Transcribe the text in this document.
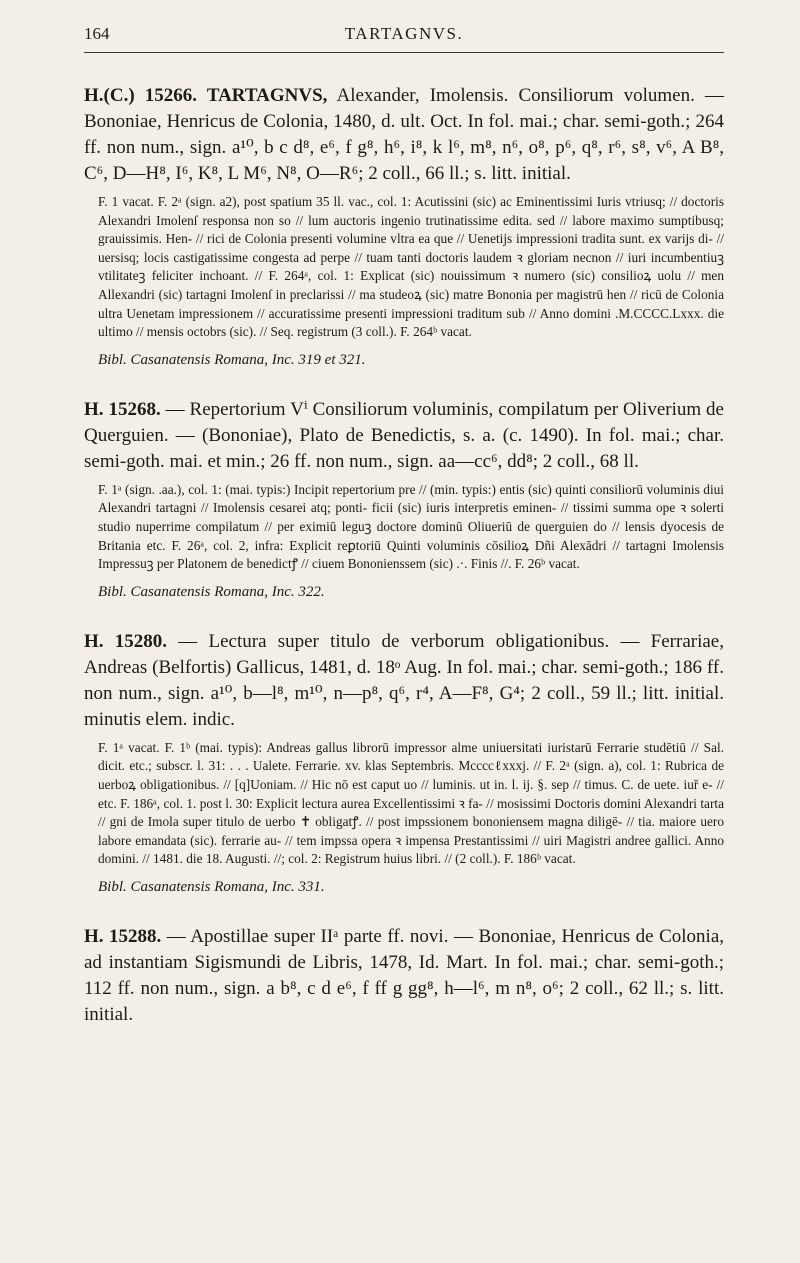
164	TARTAGNVS.

H.(C.) 15266. TARTAGNVS, Alexander, Imolensis. Consiliorum volumen. — Bononiae, Henricus de Colonia, 1480, d. ult. Oct. In fol. mai.; char. semi-goth.; 264 ff. non num., sign. a¹⁰, b c d⁸, e⁶, f g⁸, h⁶, i⁸, k l⁶, m⁸, n⁶, o⁸, p⁶, q⁸, r⁶, s⁸, v⁶, A B⁸, C⁶, D—H⁸, I⁶, K⁸, L M⁶, N⁸, O—R⁶; 2 coll., 66 ll.; s. litt. initial.

F. 1 vacat. F. 2ᵃ (sign. a2), post spatium 35 ll. vac., col. 1: Acutissini (sic) ac Eminentissimi Iuris vtriusq; // doctoris Alexandri Imolenſ responsa non so // lum auctoris ingenio trutinatissime edita. sed // labore maximo sumptibusq; grauissimis. Hen- // rici de Colonia presenti volumine vltra ea que // Uenetijs impressioni tradita sunt. ex varijs di- // uersisq; locis castigatissime congesta ad perpe // tuam tanti doctoris laudem ꝛ gloriam necnon // iuri incumbentiuꝫ vtilitateꝫ feliciter inchoant. // F. 264ᵃ, col. 1: Explicat (sic) nouissimum ꝛ numero (sic) consilioꝝ uolu // men Allexandri (sic) tartagni Imolenſ in preclarissi // ma studeoꝝ (sic) matre Bononia per magistrū hen // ricū de Colonia ultra Uenetam impressionem // accuratissime presenti impressioni traditum sub // Anno domini .M.CCCC.Lxxx. die ultimo // mensis octobrs (sic). // Seq. registrum (3 coll.). F. 264ᵇ vacat.

Bibl. Casanatensis Romana, Inc. 319 et 321.

H. 15268. — Repertorium Vⁱ Consiliorum voluminis, compilatum per Oliverium de Querguien. — (Bononiae), Plato de Benedictis, s. a. (c. 1490). In fol. mai.; char. semi-goth. mai. et min.; 26 ff. non num., sign. aa—cc⁶, dd⁸; 2 coll., 68 ll.

F. 1ᵃ (sign. .aa.), col. 1: (mai. typis:) Incipit repertorium pre // (min. typis:) entis (sic) quinti consiliorū voluminis diui Alexandri tartagni // Imolensis cesarei atq; ponti- ficii (sic) iuris interpretis eminen- // tissimi summa ope ꝛ solerti studio nuperrime compilatum // per eximiū leguꝫ doctore dominū Oliueriū de querguien do // lensis dyocesis de Britania etc. F. 26ᵃ, col. 2, infra: Explicit reꝑtoriū Quinti voluminis cōsilioꝝ Dñi Alexādri // tartagni Imolensis Impressuꝫ per Platonem de benedictꝭ // ciuem Bononienssem (sic) .·. Finis //. F. 26ᵇ vacat.

Bibl. Casanatensis Romana, Inc. 322.

H. 15280. — Lectura super titulo de verborum obligationibus. — Ferrariae, Andreas (Belfortis) Gallicus, 1481, d. 18ᵒ Aug. In fol. mai.; char. semi-goth.; 186 ff. non num., sign. a¹⁰, b—l⁸, m¹⁰, n—p⁸, q⁶, r⁴, A—F⁸, G⁴; 2 coll., 59 ll.; litt. initial. minutis elem. indic.

F. 1ᵃ vacat. F. 1ᵇ (mai. typis): Andreas gallus librorū impressor alme uniuersitati iuristarū Ferrarie studētiū // Sal. dicit. etc.; subscr. l. 31: . . . Ualete. Ferrarie. xv. klas Septembris. Mccccℓxxxj. // F. 2ᵃ (sign. a), col. 1: Rubrica de uerboꝝ obligationibus. // [q]Uoniam. // Hic nō est caput uo // luminis. ut in. l. ij. §. sep // timus. C. de uete. iuř e- // etc. F. 186ᵃ, col. 1. post l. 30: Explicit lectura aurea Excellentissimi ꝛ fa- // mosissimi Doctoris domini Alexandri tarta // gni de Imola super titulo de uerbo ✝ obligatꝭ. // post impssionem bononiensem magna diligē- // tia. maiore uero labore emandata (sic). ferrarie au- // tem impssa opera ꝛ impensa Prestantissimi // uiri Magistri andree gallici. Anno domini. // 1481. die 18. Augusti. //; col. 2: Registrum huius libri. // (2 coll.). F. 186ᵇ vacat.

Bibl. Casanatensis Romana, Inc. 331.

H. 15288. — Apostillae super IIᵃ parte ff. novi. — Bononiae, Henricus de Colonia, ad instantiam Sigismundi de Libris, 1478, Id. Mart. In fol. mai.; char. semi-goth.; 112 ff. non num., sign. a b⁸, c d e⁶, f ff g gg⁸, h—l⁶, m n⁸, o⁶; 2 coll., 62 ll.; s. litt. initial.
